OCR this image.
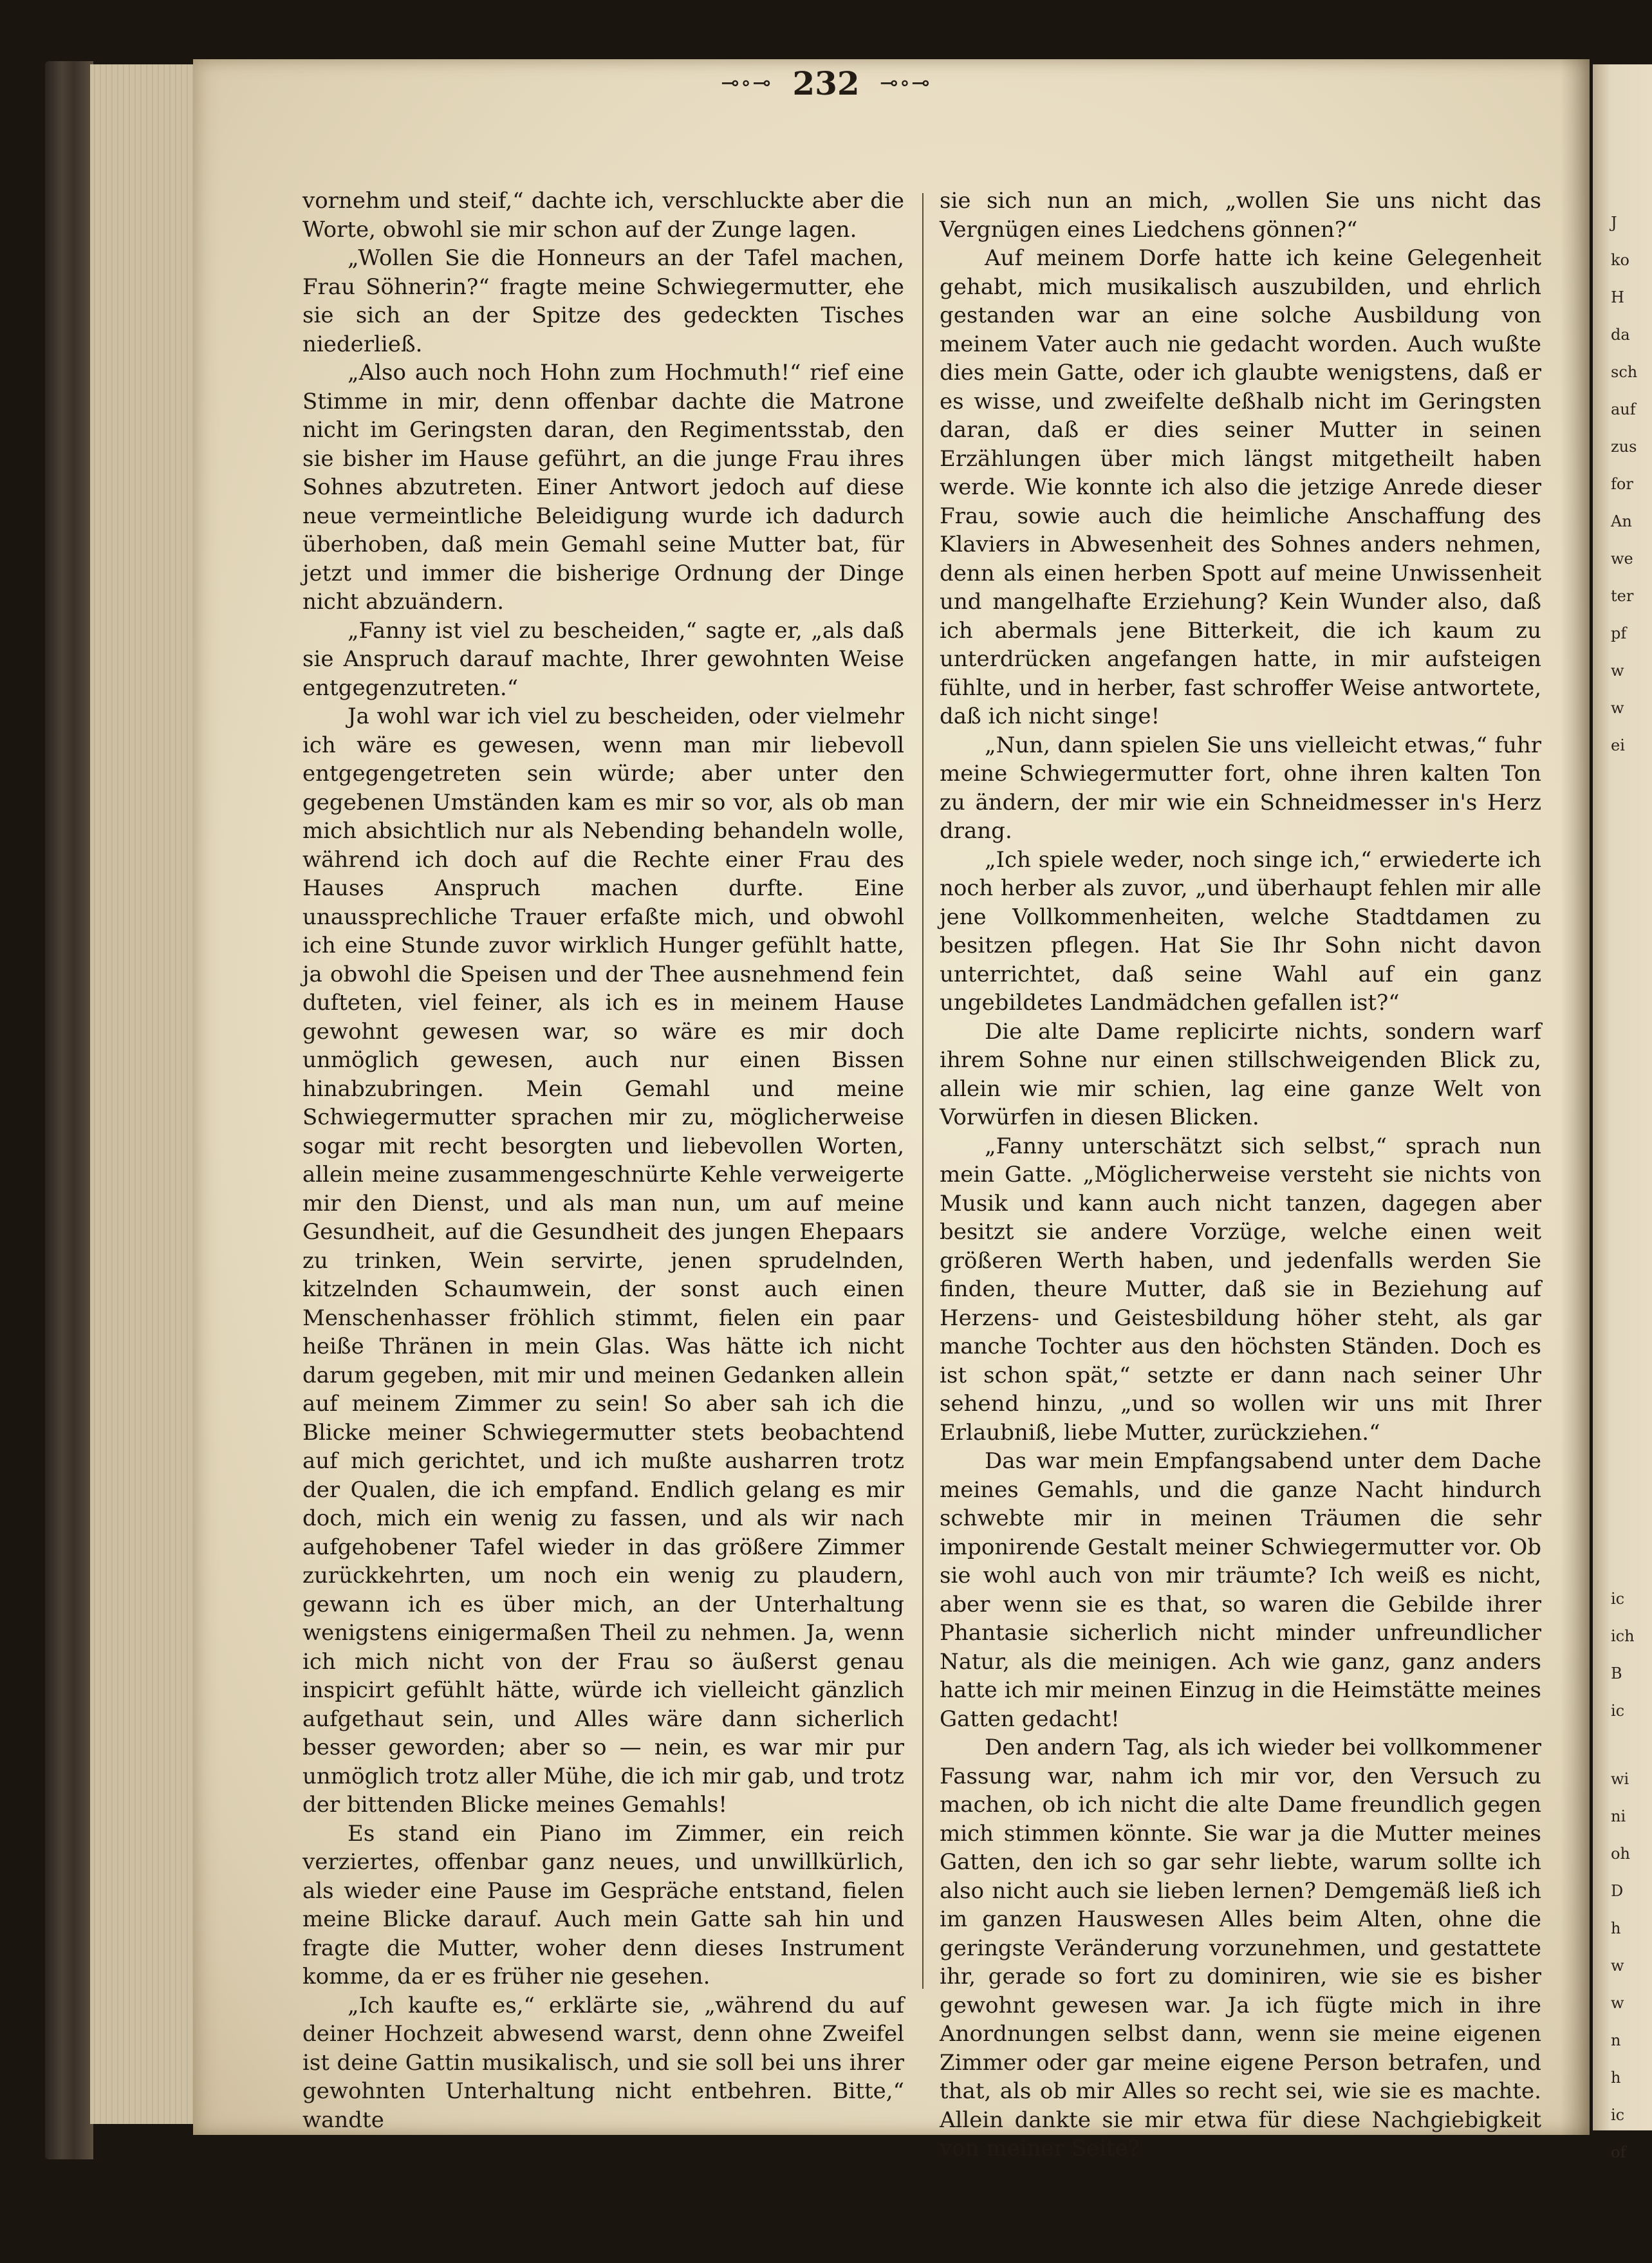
J
ko
H
da
sch
auf
zus
for
An
we
ter
pf
w
w
ei
ic
ich
B
ic
wi
ni
oh
D
h
w
w
n
h
ic
of
⊸∘⊸ 232 ⊸∘⊸

vornehm und steif,“ dachte ich, verschluckte aber die Worte, obwohl sie mir schon auf der Zunge lagen.

„Wollen Sie die Honneurs an der Tafel machen, Frau Söhnerin?“ fragte meine Schwiegermutter, ehe sie sich an der Spitze des gedeckten Tisches niederließ.

„Also auch noch Hohn zum Hochmuth!“ rief eine Stimme in mir, denn offenbar dachte die Matrone nicht im Geringsten daran, den Regimentsstab, den sie bisher im Hause geführt, an die junge Frau ihres Sohnes abzutreten. Einer Antwort jedoch auf diese neue vermeintliche Beleidigung wurde ich dadurch überhoben, daß mein Gemahl seine Mutter bat, für jetzt und immer die bisherige Ordnung der Dinge nicht abzuändern.

„Fanny ist viel zu bescheiden,“ sagte er, „als daß sie Anspruch darauf machte, Ihrer gewohnten Weise entgegenzutreten.“

Ja wohl war ich viel zu bescheiden, oder vielmehr ich wäre es gewesen, wenn man mir liebevoll entgegengetreten sein würde; aber unter den gegebenen Umständen kam es mir so vor, als ob man mich absichtlich nur als Nebending behandeln wolle, während ich doch auf die Rechte einer Frau des Hauses Anspruch machen durfte. Eine unaussprechliche Trauer erfaßte mich, und obwohl ich eine Stunde zuvor wirklich Hunger gefühlt hatte, ja obwohl die Speisen und der Thee ausnehmend fein dufteten, viel feiner, als ich es in meinem Hause gewohnt gewesen war, so wäre es mir doch unmöglich gewesen, auch nur einen Bissen hinabzubringen. Mein Gemahl und meine Schwiegermutter sprachen mir zu, möglicherweise sogar mit recht besorgten und liebevollen Worten, allein meine zusammengeschnürte Kehle verweigerte mir den Dienst, und als man nun, um auf meine Gesundheit, auf die Gesundheit des jungen Ehepaars zu trinken, Wein servirte, jenen sprudelnden, kitzelnden Schaumwein, der sonst auch einen Menschenhasser fröhlich stimmt, fielen ein paar heiße Thränen in mein Glas. Was hätte ich nicht darum gegeben, mit mir und meinen Gedanken allein auf meinem Zimmer zu sein! So aber sah ich die Blicke meiner Schwiegermutter stets beobachtend auf mich gerichtet, und ich mußte ausharren trotz der Qualen, die ich empfand. Endlich gelang es mir doch, mich ein wenig zu fassen, und als wir nach aufgehobener Tafel wieder in das größere Zimmer zurückkehrten, um noch ein wenig zu plaudern, gewann ich es über mich, an der Unterhaltung wenigstens einigermaßen Theil zu nehmen. Ja, wenn ich mich nicht von der Frau so äußerst genau inspicirt gefühlt hätte, würde ich vielleicht gänzlich aufgethaut sein, und Alles wäre dann sicherlich besser geworden; aber so — nein, es war mir pur unmöglich trotz aller Mühe, die ich mir gab, und trotz der bittenden Blicke meines Gemahls!

Es stand ein Piano im Zimmer, ein reich verziertes, offenbar ganz neues, und unwillkürlich, als wieder eine Pause im Gespräche entstand, fielen meine Blicke darauf. Auch mein Gatte sah hin und fragte die Mutter, woher denn dieses Instrument komme, da er es früher nie gesehen.

„Ich kaufte es,“ erklärte sie, „während du auf deiner Hochzeit abwesend warst, denn ohne Zweifel ist deine Gattin musikalisch, und sie soll bei uns ihrer gewohnten Unterhaltung nicht entbehren. Bitte,“ wandte

sie sich nun an mich, „wollen Sie uns nicht das Vergnügen eines Liedchens gönnen?“

Auf meinem Dorfe hatte ich keine Gelegenheit gehabt, mich musikalisch auszubilden, und ehrlich gestanden war an eine solche Ausbildung von meinem Vater auch nie gedacht worden. Auch wußte dies mein Gatte, oder ich glaubte wenigstens, daß er es wisse, und zweifelte deßhalb nicht im Geringsten daran, daß er dies seiner Mutter in seinen Erzählungen über mich längst mitgetheilt haben werde. Wie konnte ich also die jetzige Anrede dieser Frau, sowie auch die heimliche Anschaffung des Klaviers in Abwesenheit des Sohnes anders nehmen, denn als einen herben Spott auf meine Unwissenheit und mangelhafte Erziehung? Kein Wunder also, daß ich abermals jene Bitterkeit, die ich kaum zu unterdrücken angefangen hatte, in mir aufsteigen fühlte, und in herber, fast schroffer Weise antwortete, daß ich nicht singe!

„Nun, dann spielen Sie uns vielleicht etwas,“ fuhr meine Schwiegermutter fort, ohne ihren kalten Ton zu ändern, der mir wie ein Schneidmesser in's Herz drang.

„Ich spiele weder, noch singe ich,“ erwiederte ich noch herber als zuvor, „und überhaupt fehlen mir alle jene Vollkommenheiten, welche Stadtdamen zu besitzen pflegen. Hat Sie Ihr Sohn nicht davon unterrichtet, daß seine Wahl auf ein ganz ungebildetes Landmädchen gefallen ist?“

Die alte Dame replicirte nichts, sondern warf ihrem Sohne nur einen stillschweigenden Blick zu, allein wie mir schien, lag eine ganze Welt von Vorwürfen in diesen Blicken.

„Fanny unterschätzt sich selbst,“ sprach nun mein Gatte. „Möglicherweise versteht sie nichts von Musik und kann auch nicht tanzen, dagegen aber besitzt sie andere Vorzüge, welche einen weit größeren Werth haben, und jedenfalls werden Sie finden, theure Mutter, daß sie in Beziehung auf Herzens- und Geistesbildung höher steht, als gar manche Tochter aus den höchsten Ständen. Doch es ist schon spät,“ setzte er dann nach seiner Uhr sehend hinzu, „und so wollen wir uns mit Ihrer Erlaubniß, liebe Mutter, zurückziehen.“

Das war mein Empfangsabend unter dem Dache meines Gemahls, und die ganze Nacht hindurch schwebte mir in meinen Träumen die sehr imponirende Gestalt meiner Schwiegermutter vor. Ob sie wohl auch von mir träumte? Ich weiß es nicht, aber wenn sie es that, so waren die Gebilde ihrer Phantasie sicherlich nicht minder unfreundlicher Natur, als die meinigen. Ach wie ganz, ganz anders hatte ich mir meinen Einzug in die Heimstätte meines Gatten gedacht!

Den andern Tag, als ich wieder bei vollkommener Fassung war, nahm ich mir vor, den Versuch zu machen, ob ich nicht die alte Dame freundlich gegen mich stimmen könnte. Sie war ja die Mutter meines Gatten, den ich so gar sehr liebte, warum sollte ich also nicht auch sie lieben lernen? Demgemäß ließ ich im ganzen Hauswesen Alles beim Alten, ohne die geringste Veränderung vorzunehmen, und gestattete ihr, gerade so fort zu dominiren, wie sie es bisher gewohnt gewesen war. Ja ich fügte mich in ihre Anordnungen selbst dann, wenn sie meine eigenen Zimmer oder gar meine eigene Person betrafen, und that, als ob mir Alles so recht sei, wie sie es machte. Allein dankte sie mir etwa für diese Nachgiebigkeit von meiner Seite?
